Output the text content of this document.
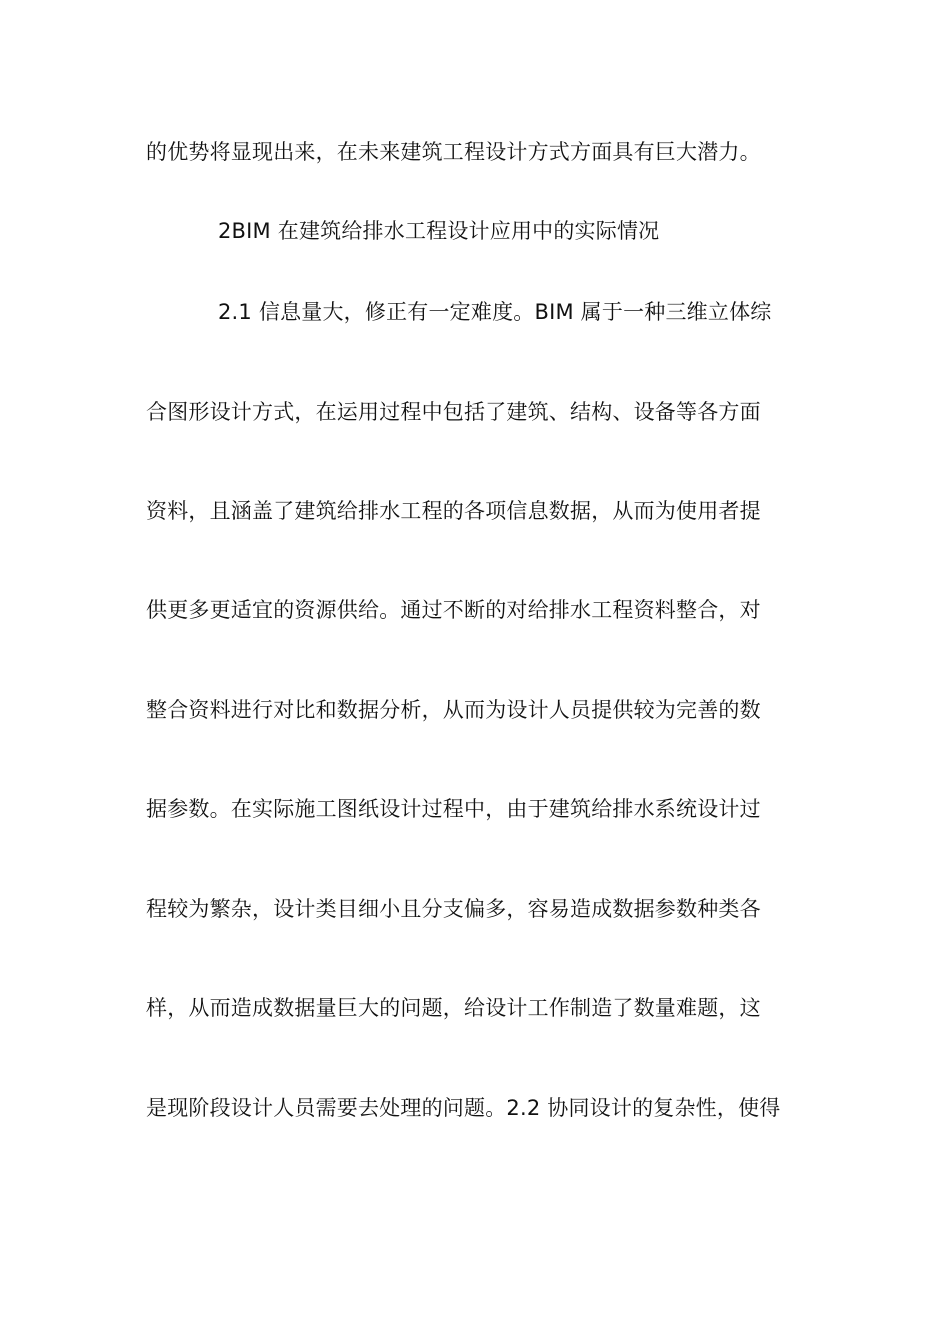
的优势将显现出来，在未来建筑工程设计方式方面具有巨大潜力。
2BIM 在建筑给排水工程设计应用中的实际情况
2.1 信息量大，修正有一定难度。BIM 属于一种三维立体综
合图形设计方式，在运用过程中包括了建筑、结构、设备等各方面
资料，且涵盖了建筑给排水工程的各项信息数据，从而为使用者提
供更多更适宜的资源供给。通过不断的对给排水工程资料整合，对
整合资料进行对比和数据分析，从而为设计人员提供较为完善的数
据参数。在实际施工图纸设计过程中，由于建筑给排水系统设计过
程较为繁杂，设计类目细小且分支偏多，容易造成数据参数种类各
样，从而造成数据量巨大的问题，给设计工作制造了数量难题，这
是现阶段设计人员需要去处理的问题。2.2 协同设计的复杂性，使得
